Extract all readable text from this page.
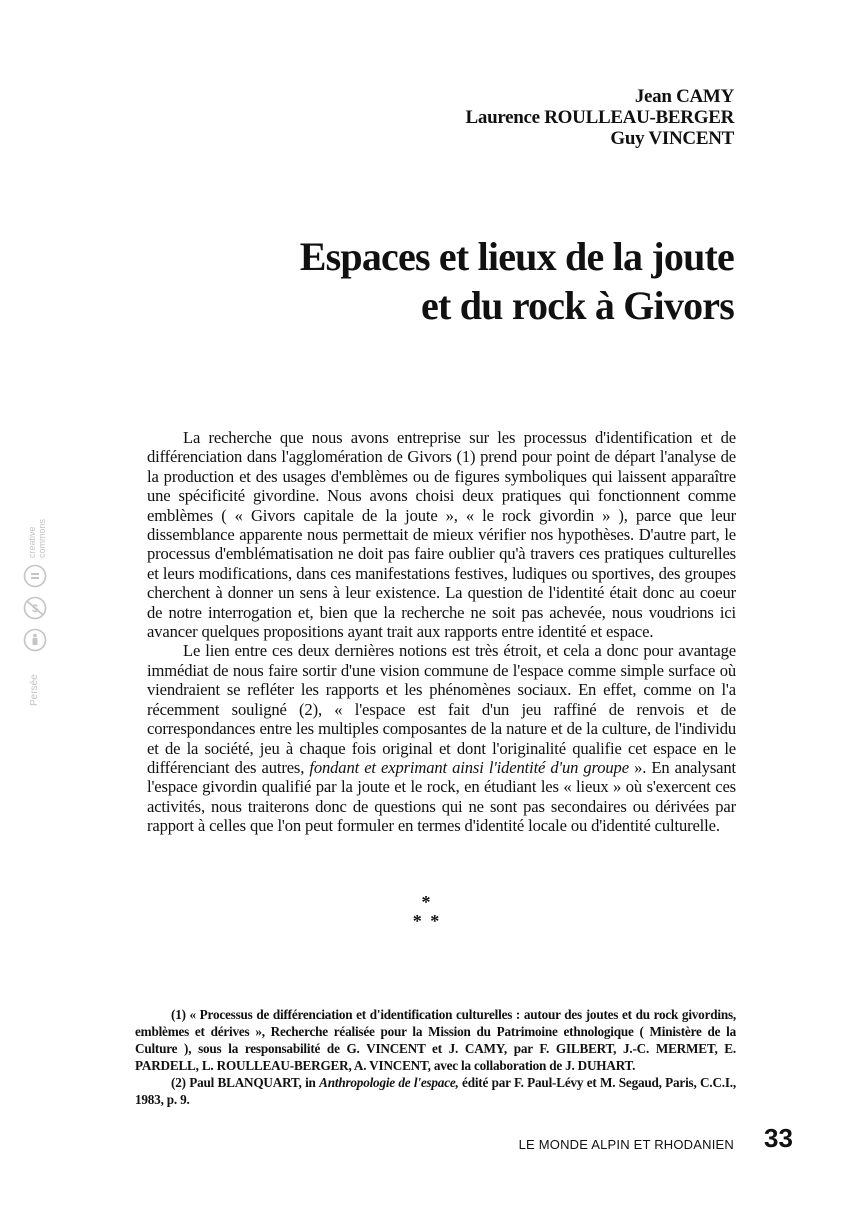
Jean CAMY
Laurence ROULLEAU-BERGER
Guy VINCENT
Espaces et lieux de la joute
et du rock à Givors

La recherche que nous avons entreprise sur les processus d'identification et de différenciation dans l'agglomération de Givors (1) prend pour point de départ l'analyse de la production et des usages d'emblèmes ou de figures symboliques qui laissent apparaître une spécificité givordine. Nous avons choisi deux pratiques qui fonctionnent comme emblèmes ( « Givors capitale de la joute », « le rock givordin » ), parce que leur dissemblance apparente nous permettait de mieux vérifier nos hypothèses. D'autre part, le processus d'emblématisation ne doit pas faire oublier qu'à travers ces pratiques culturelles et leurs modifications, dans ces manifestations festives, ludiques ou sportives, des groupes cherchent à donner un sens à leur existence. La question de l'identité était donc au coeur de notre interrogation et, bien que la recherche ne soit pas achevée, nous voudrions ici avancer quelques propositions ayant trait aux rapports entre identité et espace.

Le lien entre ces deux dernières notions est très étroit, et cela a donc pour avantage immédiat de nous faire sortir d'une vision commune de l'espace comme simple surface où viendraient se refléter les rapports et les phénomènes sociaux. En effet, comme on l'a récemment souligné (2), « l'espace est fait d'un jeu raffiné de renvois et de correspondances entre les multiples composantes de la nature et de la culture, de l'individu et de la société, jeu à chaque fois original et dont l'originalité qualifie cet espace en le différenciant des autres, fondant et exprimant ainsi l'identité d'un groupe ». En analysant l'espace givordin qualifié par la joute et le rock, en étudiant les « lieux » où s'exercent ces activités, nous traiterons donc de questions qui ne sont pas secondaires ou dérivées par rapport à celles que l'on peut formuler en termes d'identité locale ou d'identité culturelle.

*
* *

(1) « Processus de différenciation et d'identification culturelles : autour des joutes et du rock givordins, emblèmes et dérives », Recherche réalisée pour la Mission du Patrimoine ethnologique ( Ministère de la Culture ), sous la responsabilité de G. VINCENT et J. CAMY, par F. GILBERT, J.-C. MERMET, E. PARDELL, L. ROULLEAU-BERGER, A. VINCENT, avec la collaboration de J. DUHART.

(2) Paul BLANQUART, in Anthropologie de l'espace, édité par F. Paul-Lévy et M. Segaud, Paris, C.C.I., 1983, p. 9.

LE MONDE ALPIN ET RHODANIEN 33
creative commons
$
Persée
